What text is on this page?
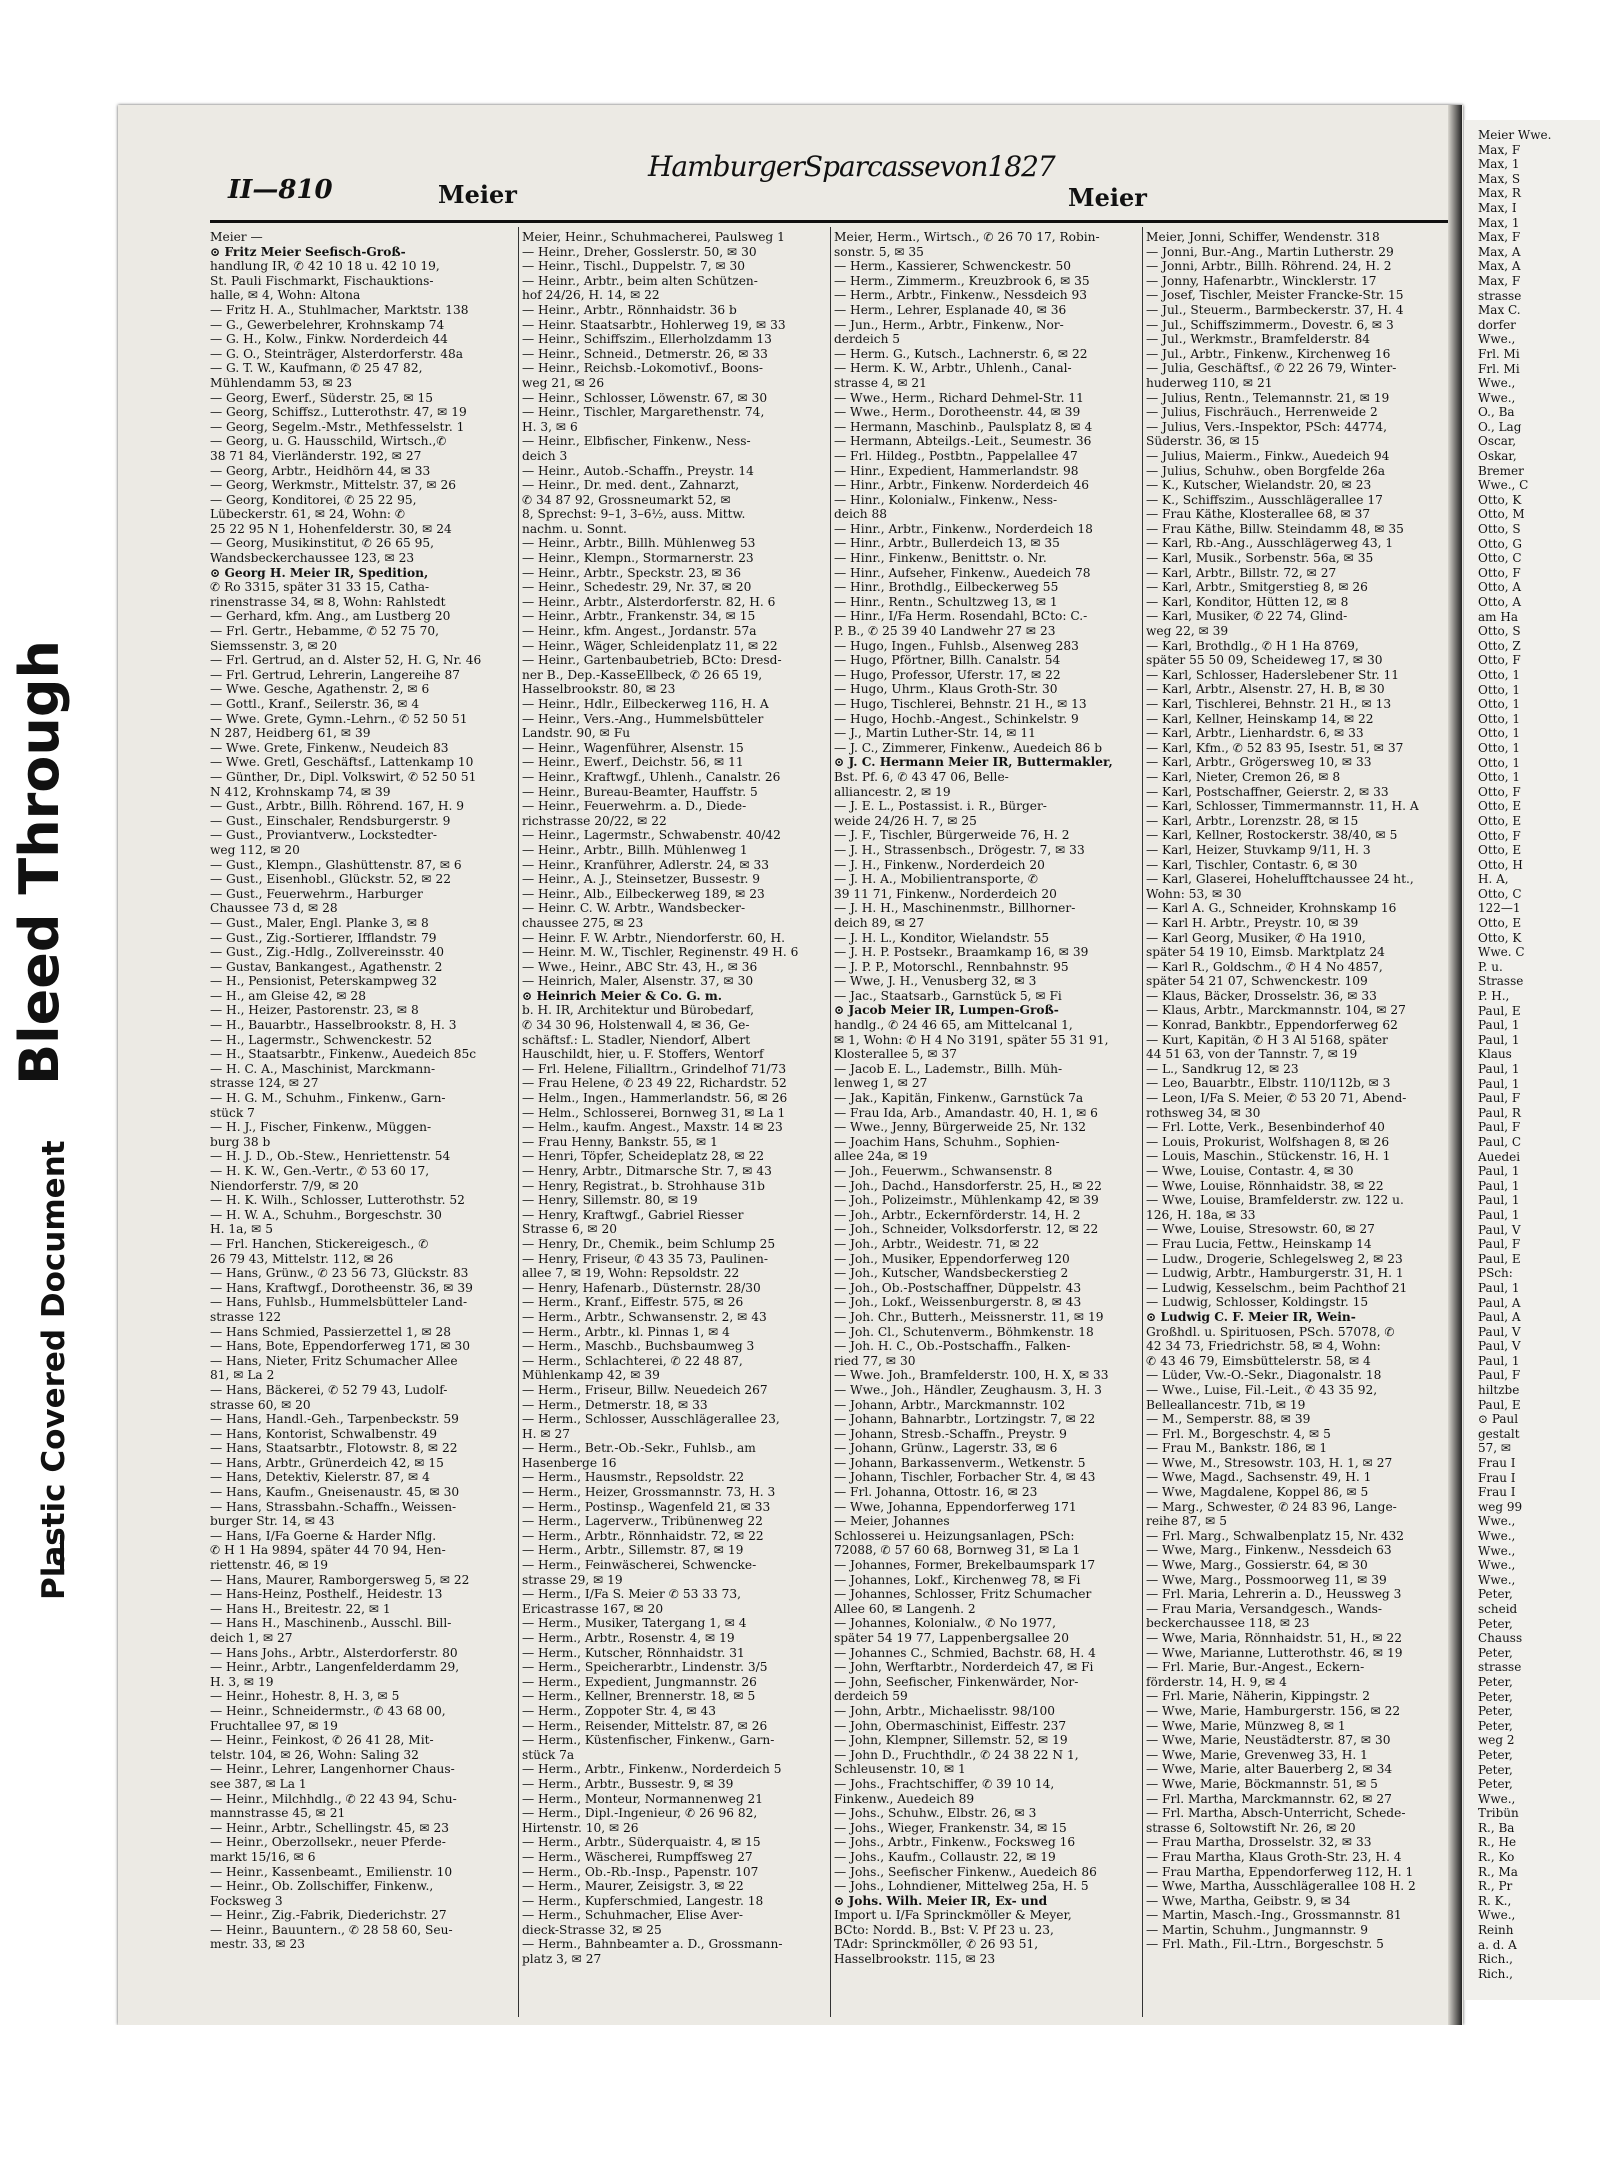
Bleed Through
Plastic Covered Document
II—810	Meier
HamburgerSparcassevon1827
Meier
Meier —
⊙ Fritz Meier Seefisch-Groß-
handlung IR, ✆ 42 10 18 u. 42 10 19,
St. Pauli Fischmarkt, Fischauktions-
halle, ✉ 4, Wohn: Altona
— Fritz H. A., Stuhlmacher, Marktstr. 138
— G., Gewerbelehrer, Krohnskamp 74
— G. H., Kolw., Finkw. Norderdeich 44
— G. O., Steinträger, Alsterdorferstr. 48a
— G. T. W., Kaufmann, ✆ 25 47 82,
Mühlendamm 53, ✉ 23
— Georg, Ewerf., Süderstr. 25, ✉ 15
— Georg, Schiffsz., Lutterothstr. 47, ✉ 19
— Georg, Segelm.-Mstr., Methfesselstr. 1
— Georg, u. G. Hausschild, Wirtsch.,✆
38 71 84, Vierländerstr. 192, ✉ 27
— Georg, Arbtr., Heidhörn 44, ✉ 33
— Georg, Werkmstr., Mittelstr. 37, ✉ 26
— Georg, Konditorei, ✆ 25 22 95,
Lübeckerstr. 61, ✉ 24, Wohn: ✆
25 22 95 N 1, Hohenfelderstr. 30, ✉ 24
— Georg, Musikinstitut, ✆ 26 65 95,
Wandsbeckerchaussee 123, ✉ 23
⊙ Georg H. Meier IR, Spedition,
✆ Ro 3315, später 31 33 15, Catha-
rinenstrasse 34, ✉ 8, Wohn: Rahlstedt
— Gerhard, kfm. Ang., am Lustberg 20
— Frl. Gertr., Hebamme, ✆ 52 75 70,
Siemssenstr. 3, ✉ 20
— Frl. Gertrud, an d. Alster 52, H. G, Nr. 46
— Frl. Gertrud, Lehrerin, Langereihe 87
— Wwe. Gesche, Agathenstr. 2, ✉ 6
— Gottl., Kranf., Seilerstr. 36, ✉ 4
— Wwe. Grete, Gymn.-Lehrn., ✆ 52 50 51
N 287, Heidberg 61, ✉ 39
— Wwe. Grete, Finkenw., Neudeich 83
— Wwe. Gretl, Geschäftsf., Lattenkamp 10
— Günther, Dr., Dipl. Volkswirt, ✆ 52 50 51
N 412, Krohnskamp 74, ✉ 39
— Gust., Arbtr., Billh. Röhrend. 167, H. 9
— Gust., Einschaler, Rendsburgerstr. 9
— Gust., Proviantverw., Lockstedter-
weg 112, ✉ 20
— Gust., Klempn., Glashüttenstr. 87, ✉ 6
— Gust., Eisenhobl., Glückstr. 52, ✉ 22
— Gust., Feuerwehrm., Harburger
Chaussee 73 d, ✉ 28
— Gust., Maler, Engl. Planke 3, ✉ 8
— Gust., Zig.-Sortierer, Ifflandstr. 79
— Gust., Zig.-Hdlg., Zollvereinsstr. 40
— Gustav, Bankangest., Agathenstr. 2
— H., Pensionist, Peterskampweg 32
— H., am Gleise 42, ✉ 28
— H., Heizer, Pastorenstr. 23, ✉ 8
— H., Bauarbtr., Hasselbrookstr. 8, H. 3
— H., Lagermstr., Schwenckestr. 52
— H., Staatsarbtr., Finkenw., Auedeich 85c
— H. C. A., Maschinist, Marckmann-
strasse 124, ✉ 27
— H. G. M., Schuhm., Finkenw., Garn-
stück 7
— H. J., Fischer, Finkenw., Müggen-
burg 38 b
— H. J. D., Ob.-Stew., Henriettenstr. 54
— H. K. W., Gen.-Vertr., ✆ 53 60 17,
Niendorferstr. 7/9, ✉ 20
— H. K. Wilh., Schlosser, Lutterothstr. 52
— H. W. A., Schuhm., Borgeschstr. 30
H. 1a, ✉ 5
— Frl. Hanchen, Stickereigesch., ✆
26 79 43, Mittelstr. 112, ✉ 26
— Hans, Grünw., ✆ 23 56 73, Glückstr. 83
— Hans, Kraftwgf., Dorotheenstr. 36, ✉ 39
— Hans, Fuhlsb., Hummelsbütteler Land-
strasse 122
— Hans Schmied, Passierzettel 1, ✉ 28
— Hans, Bote, Eppendorferweg 171, ✉ 30
— Hans, Nieter, Fritz Schumacher Allee
81, ✉ La 2
— Hans, Bäckerei, ✆ 52 79 43, Ludolf-
strasse 60, ✉ 20
— Hans, Handl.-Geh., Tarpenbeckstr. 59
— Hans, Kontorist, Schwalbenstr. 49
— Hans, Staatsarbtr., Flotowstr. 8, ✉ 22
— Hans, Arbtr., Grünerdeich 42, ✉ 15
— Hans, Detektiv, Kielerstr. 87, ✉ 4
— Hans, Kaufm., Gneisenaustr. 45, ✉ 30
— Hans, Strassbahn.-Schaffn., Weissen-
burger Str. 14, ✉ 43
— Hans, I/Fa Goerne & Harder Nflg.
✆ H 1 Ha 9894, später 44 70 94, Hen-
riettenstr. 46, ✉ 19
— Hans, Maurer, Ramborgersweg 5, ✉ 22
— Hans-Heinz, Posthelf., Heidestr. 13
— Hans H., Breitestr. 22, ✉ 1
— Hans H., Maschinenb., Ausschl. Bill-
deich 1, ✉ 27
— Hans Johs., Arbtr., Alsterdorferstr. 80
— Heinr., Arbtr., Langenfelderdamm 29,
H. 3, ✉ 19
— Heinr., Hohestr. 8, H. 3, ✉ 5
— Heinr., Schneidermstr., ✆ 43 68 00,
Fruchtallee 97, ✉ 19
— Heinr., Feinkost, ✆ 26 41 28, Mit-
telstr. 104, ✉ 26, Wohn: Saling 32
— Heinr., Lehrer, Langenhorner Chaus-
see 387, ✉ La 1
— Heinr., Milchhdlg., ✆ 22 43 94, Schu-
mannstrasse 45, ✉ 21
— Heinr., Arbtr., Schellingstr. 45, ✉ 23
— Heinr., Oberzollsekr., neuer Pferde-
markt 15/16, ✉ 6
— Heinr., Kassenbeamt., Emilienstr. 10
— Heinr., Ob. Zollschiffer, Finkenw.,
Focksweg 3
— Heinr., Zig.-Fabrik, Diederichstr. 27
— Heinr., Bauuntern., ✆ 28 58 60, Seu-
mestr. 33, ✉ 23
Meier, Heinr., Schuhmacherei, Paulsweg 1
— Heinr., Dreher, Gosslerstr. 50, ✉ 30
— Heinr., Tischl., Duppelstr. 7, ✉ 30
— Heinr., Arbtr., beim alten Schützen-
hof 24/26, H. 14, ✉ 22
— Heinr., Arbtr., Rönnhaidstr. 36 b
— Heinr. Staatsarbtr., Hohlerweg 19, ✉ 33
— Heinr., Schiffszim., Ellerholzdamm 13
— Heinr., Schneid., Detmerstr. 26, ✉ 33
— Heinr., Reichsb.-Lokomotivf., Boons-
weg 21, ✉ 26
— Heinr., Schlosser, Löwenstr. 67, ✉ 30
— Heinr., Tischler, Margarethenstr. 74,
H. 3, ✉ 6
— Heinr., Elbfischer, Finkenw., Ness-
deich 3
— Heinr., Autob.-Schaffn., Preystr. 14
— Heinr., Dr. med. dent., Zahnarzt,
✆ 34 87 92, Grossneumarkt 52, ✉
8, Sprechst: 9–1, 3–6½, auss. Mittw.
nachm. u. Sonnt.
— Heinr., Arbtr., Billh. Mühlenweg 53
— Heinr., Klempn., Stormarnerstr. 23
— Heinr., Arbtr., Speckstr. 23, ✉ 36
— Heinr., Schedestr. 29, Nr. 37, ✉ 20
— Heinr., Arbtr., Alsterdorferstr. 82, H. 6
— Heinr., Arbtr., Frankenstr. 34, ✉ 15
— Heinr., kfm. Angest., Jordanstr. 57a
— Heinr., Wäger, Schleidenplatz 11, ✉ 22
— Heinr., Gartenbaubetrieb, BCto: Dresd-
ner B., Dep.-KasseEllbeck, ✆ 26 65 19,
Hasselbrookstr. 80, ✉ 23
— Heinr., Hdlr., Eilbeckerweg 116, H. A
— Heinr., Vers.-Ang., Hummelsbütteler
Landstr. 90, ✉ Fu
— Heinr., Wagenführer, Alsenstr. 15
— Heinr., Ewerf., Deichstr. 56, ✉ 11
— Heinr., Kraftwgf., Uhlenh., Canalstr. 26
— Heinr., Bureau-Beamter, Hauffstr. 5
— Heinr., Feuerwehrm. a. D., Diede-
richstrasse 20/22, ✉ 22
— Heinr., Lagermstr., Schwabenstr. 40/42
— Heinr., Arbtr., Billh. Mühlenweg 1
— Heinr., Kranführer, Adlerstr. 24, ✉ 33
— Heinr., A. J., Steinsetzer, Bussestr. 9
— Heinr., Alb., Eilbeckerweg 189, ✉ 23
— Heinr. C. W. Arbtr., Wandsbecker-
chaussee 275, ✉ 23
— Heinr. F. W. Arbtr., Niendorferstr. 60, H.
— Heinr. M. W., Tischler, Reginenstr. 49 H. 6
— Wwe., Heinr., ABC Str. 43, H., ✉ 36
— Heinrich, Maler, Alsenstr. 37, ✉ 30
⊙ Heinrich Meier & Co. G. m.
b. H. IR, Architektur und Bürobedarf,
✆ 34 30 96, Holstenwall 4, ✉ 36, Ge-
schäftsf.: L. Stadler, Niendorf, Albert
Hauschildt, hier, u. F. Stoffers, Wentorf
— Frl. Helene, Filialltrn., Grindelhof 71/73
— Frau Helene, ✆ 23 49 22, Richardstr. 52
— Helm., Ingen., Hammerlandstr. 56, ✉ 26
— Helm., Schlosserei, Bornweg 31, ✉ La 1
— Helm., kaufm. Angest., Maxstr. 14 ✉ 23
— Frau Henny, Bankstr. 55, ✉ 1
— Henri, Töpfer, Scheideplatz 28, ✉ 22
— Henry, Arbtr., Ditmarsche Str. 7, ✉ 43
— Henry, Registrat., b. Strohhause 31b
— Henry, Sillemstr. 80, ✉ 19
— Henry, Kraftwgf., Gabriel Riesser
Strasse 6, ✉ 20
— Henry, Dr., Chemik., beim Schlump 25
— Henry, Friseur, ✆ 43 35 73, Paulinen-
allee 7, ✉ 19, Wohn: Repsoldstr. 22
— Henry, Hafenarb., Düsternstr. 28/30
— Herm., Kranf., Eiffestr. 575, ✉ 26
— Herm., Arbtr., Schwansenstr. 2, ✉ 43
— Herm., Arbtr., kl. Pinnas 1, ✉ 4
— Herm., Maschb., Buchsbaumweg 3
— Herm., Schlachterei, ✆ 22 48 87,
Mühlenkamp 42, ✉ 39
— Herm., Friseur, Billw. Neuedeich 267
— Herm., Detmerstr. 18, ✉ 33
— Herm., Schlosser, Ausschlägerallee 23,
H. ✉ 27
— Herm., Betr.-Ob.-Sekr., Fuhlsb., am
Hasenberge 16
— Herm., Hausmstr., Repsoldstr. 22
— Herm., Heizer, Grossmannstr. 73, H. 3
— Herm., Postinsp., Wagenfeld 21, ✉ 33
— Herm., Lagerverw., Tribünenweg 22
— Herm., Arbtr., Rönnhaidstr. 72, ✉ 22
— Herm., Arbtr., Sillemstr. 87, ✉ 19
— Herm., Feinwäscherei, Schwencke-
strasse 29, ✉ 19
— Herm., I/Fa S. Meier ✆ 53 33 73,
Ericastrasse 167, ✉ 20
— Herm., Musiker, Tatergang 1, ✉ 4
— Herm., Arbtr., Rosenstr. 4, ✉ 19
— Herm., Kutscher, Rönnhaidstr. 31
— Herm., Speicherarbtr., Lindenstr. 3/5
— Herm., Expedient, Jungmannstr. 26
— Herm., Kellner, Brennerstr. 18, ✉ 5
— Herm., Zoppoter Str. 4, ✉ 43
— Herm., Reisender, Mittelstr. 87, ✉ 26
— Herm., Küstenfischer, Finkenw., Garn-
stück 7a
— Herm., Arbtr., Finkenw., Norderdeich 5
— Herm., Arbtr., Bussestr. 9, ✉ 39
— Herm., Monteur, Normannenweg 21
— Herm., Dipl.-Ingenieur, ✆ 26 96 82,
Hirtenstr. 10, ✉ 26
— Herm., Arbtr., Süderquaistr. 4, ✉ 15
— Herm., Wäscherei, Rumpffsweg 27
— Herm., Ob.-Rb.-Insp., Papenstr. 107
— Herm., Maurer, Zeisigstr. 3, ✉ 22
— Herm., Kupferschmied, Langestr. 18
— Herm., Schuhmacher, Elise Aver-
dieck-Strasse 32, ✉ 25
— Herm., Bahnbeamter a. D., Grossmann-
platz 3, ✉ 27
Meier, Herm., Wirtsch., ✆ 26 70 17, Robin-
sonstr. 5, ✉ 35
— Herm., Kassierer, Schwenckestr. 50
— Herm., Zimmerm., Kreuzbrook 6, ✉ 35
— Herm., Arbtr., Finkenw., Nessdeich 93
— Herm., Lehrer, Esplanade 40, ✉ 36
— Jun., Herm., Arbtr., Finkenw., Nor-
derdeich 5
— Herm. G., Kutsch., Lachnerstr. 6, ✉ 22
— Herm. K. W., Arbtr., Uhlenh., Canal-
strasse 4, ✉ 21
— Wwe., Herm., Richard Dehmel-Str. 11
— Wwe., Herm., Dorotheenstr. 44, ✉ 39
— Hermann, Maschinb., Paulsplatz 8, ✉ 4
— Hermann, Abteilgs.-Leit., Seumestr. 36
— Frl. Hildeg., Postbtn., Pappelallee 47
— Hinr., Expedient, Hammerlandstr. 98
— Hinr., Arbtr., Finkenw. Norderdeich 46
— Hinr., Kolonialw., Finkenw., Ness-
deich 88
— Hinr., Arbtr., Finkenw., Norderdeich 18
— Hinr., Arbtr., Bullerdeich 13, ✉ 35
— Hinr., Finkenw., Benittstr. o. Nr.
— Hinr., Aufseher, Finkenw., Auedeich 78
— Hinr., Brothdlg., Eilbeckerweg 55
— Hinr., Rentn., Schultzweg 13, ✉ 1
— Hinr., I/Fa Herm. Rosendahl, BCto: C.-
P. B., ✆ 25 39 40 Landwehr 27 ✉ 23
— Hugo, Ingen., Fuhlsb., Alsenweg 283
— Hugo, Pförtner, Billh. Canalstr. 54
— Hugo, Professor, Uferstr. 17, ✉ 22
— Hugo, Uhrm., Klaus Groth-Str. 30
— Hugo, Tischlerei, Behnstr. 21 H., ✉ 13
— Hugo, Hochb.-Angest., Schinkelstr. 9
— J., Martin Luther-Str. 14, ✉ 11
— J. C., Zimmerer, Finkenw., Auedeich 86 b
⊙ J. C. Hermann Meier IR, Buttermakler,
Bst. Pf. 6, ✆ 43 47 06, Belle-
alliancestr. 2, ✉ 19
— J. E. L., Postassist. i. R., Bürger-
weide 24/26 H. 7, ✉ 25
— J. F., Tischler, Bürgerweide 76, H. 2
— J. H., Strassenbsch., Drögestr. 7, ✉ 33
— J. H., Finkenw., Norderdeich 20
— J. H. A., Mobilientransporte, ✆
39 11 71, Finkenw., Norderdeich 20
— J. H. H., Maschinenmstr., Billhorner-
deich 89, ✉ 27
— J. H. L., Konditor, Wielandstr. 55
— J. H. P. Postsekr., Braamkamp 16, ✉ 39
— J. P. P., Motorschl., Rennbahnstr. 95
— Wwe, J. H., Venusberg 32, ✉ 3
— Jac., Staatsarb., Garnstück 5, ✉ Fi
⊙ Jacob Meier IR, Lumpen-Groß-
handlg., ✆ 24 46 65, am Mittelcanal 1,
✉ 1, Wohn: ✆ H 4 No 3191, später 55 31 91,
Klosterallee 5, ✉ 37
— Jacob E. L., Lademstr., Billh. Müh-
lenweg 1, ✉ 27
— Jak., Kapitän, Finkenw., Garnstück 7a
— Frau Ida, Arb., Amandastr. 40, H. 1, ✉ 6
— Wwe., Jenny, Bürgerweide 25, Nr. 132
— Joachim Hans, Schuhm., Sophien-
allee 24a, ✉ 19
— Joh., Feuerwm., Schwansenstr. 8
— Joh., Dachd., Hansdorferstr. 25, H., ✉ 22
— Joh., Polizeimstr., Mühlenkamp 42, ✉ 39
— Joh., Arbtr., Eckernförderstr. 14, H. 2
— Joh., Schneider, Volksdorferstr. 12, ✉ 22
— Joh., Arbtr., Weidestr. 71, ✉ 22
— Joh., Musiker, Eppendorferweg 120
— Joh., Kutscher, Wandsbeckerstieg 2
— Joh., Ob.-Postschaffner, Düppelstr. 43
— Joh., Lokf., Weissenburgerstr. 8, ✉ 43
— Joh. Chr., Butterh., Meissnerstr. 11, ✉ 19
— Joh. Cl., Schutenverm., Böhmkenstr. 18
— Joh. H. C., Ob.-Postschaffn., Falken-
ried 77, ✉ 30
— Wwe. Joh., Bramfelderstr. 100, H. X, ✉ 33
— Wwe., Joh., Händler, Zeughausm. 3, H. 3
— Johann, Arbtr., Marckmannstr. 102
— Johann, Bahnarbtr., Lortzingstr. 7, ✉ 22
— Johann, Stresb.-Schaffn., Preystr. 9
— Johann, Grünw., Lagerstr. 33, ✉ 6
— Johann, Barkassenverm., Wetkenstr. 5
— Johann, Tischler, Forbacher Str. 4, ✉ 43
— Frl. Johanna, Ottostr. 16, ✉ 23
— Wwe, Johanna, Eppendorferweg 171
— Meier, Johannes
Schlosserei u. Heizungsanlagen, PSch:
72088, ✆ 57 60 68, Bornweg 31, ✉ La 1
— Johannes, Former, Brekelbaumspark 17
— Johannes, Lokf., Kirchenweg 78, ✉ Fi
— Johannes, Schlosser, Fritz Schumacher
Allee 60, ✉ Langenh. 2
— Johannes, Kolonialw., ✆ No 1977,
später 54 19 77, Lappenbergsallee 20
— Johannes C., Schmied, Bachstr. 68, H. 4
— John, Werftarbtr., Norderdeich 47, ✉ Fi
— John, Seefischer, Finkenwärder, Nor-
derdeich 59
— John, Arbtr., Michaelisstr. 98/100
— John, Obermaschinist, Eiffestr. 237
— John, Klempner, Sillemstr. 52, ✉ 19
— John D., Fruchthdlr., ✆ 24 38 22 N 1,
Schleusenstr. 10, ✉ 1
— Johs., Frachtschiffer, ✆ 39 10 14,
Finkenw., Auedeich 89
— Johs., Schuhw., Elbstr. 26, ✉ 3
— Johs., Wieger, Frankenstr. 34, ✉ 15
— Johs., Arbtr., Finkenw., Focksweg 16
— Johs., Kaufm., Collaustr. 22, ✉ 19
— Johs., Seefischer Finkenw., Auedeich 86
— Johs., Lohndiener, Mittelweg 25a, H. 5
⊙ Johs. Wilh. Meier IR, Ex- und
Import u. I/Fa Sprinckmöller & Meyer,
BCto: Nordd. B., Bst: V. Pf 23 u. 23,
TAdr: Sprinckmöller, ✆ 26 93 51,
Hasselbrookstr. 115, ✉ 23
Meier, Jonni, Schiffer, Wendenstr. 318
— Jonni, Bur.-Ang., Martin Lutherstr. 29
— Jonni, Arbtr., Billh. Röhrend. 24, H. 2
— Jonny, Hafenarbtr., Wincklerstr. 17
— Josef, Tischler, Meister Francke-Str. 15
— Jul., Steuerm., Barmbeckerstr. 37, H. 4
— Jul., Schiffszimmerm., Dovestr. 6, ✉ 3
— Jul., Werkmstr., Bramfelderstr. 84
— Jul., Arbtr., Finkenw., Kirchenweg 16
— Julia, Geschäftsf., ✆ 22 26 79, Winter-
huderweg 110, ✉ 21
— Julius, Rentn., Telemannstr. 21, ✉ 19
— Julius, Fischräuch., Herrenweide 2
— Julius, Vers.-Inspektor, PSch: 44774,
Süderstr. 36, ✉ 15
— Julius, Maierm., Finkw., Auedeich 94
— Julius, Schuhw., oben Borgfelde 26a
— K., Kutscher, Wielandstr. 20, ✉ 23
— K., Schiffszim., Ausschlägerallee 17
— Frau Käthe, Klosterallee 68, ✉ 37
— Frau Käthe, Billw. Steindamm 48, ✉ 35
— Karl, Rb.-Ang., Ausschlägerweg 43, 1
— Karl, Musik., Sorbenstr. 56a, ✉ 35
— Karl, Arbtr., Billstr. 72, ✉ 27
— Karl, Arbtr., Smitgerstieg 8, ✉ 26
— Karl, Konditor, Hütten 12, ✉ 8
— Karl, Musiker, ✆ 22 74, Glind-
weg 22, ✉ 39
— Karl, Brothdlg., ✆ H 1 Ha 8769,
später 55 50 09, Scheideweg 17, ✉ 30
— Karl, Schlosser, Haderslebener Str. 11
— Karl, Arbtr., Alsenstr. 27, H. B, ✉ 30
— Karl, Tischlerei, Behnstr. 21 H., ✉ 13
— Karl, Kellner, Heinskamp 14, ✉ 22
— Karl, Arbtr., Lienhardstr. 6, ✉ 33
— Karl, Kfm., ✆ 52 83 95, Isestr. 51, ✉ 37
— Karl, Arbtr., Grögersweg 10, ✉ 33
— Karl, Nieter, Cremon 26, ✉ 8
— Karl, Postschaffner, Geierstr. 2, ✉ 33
— Karl, Schlosser, Timmermannstr. 11, H. A
— Karl, Arbtr., Lorenzstr. 28, ✉ 15
— Karl, Kellner, Rostockerstr. 38/40, ✉ 5
— Karl, Heizer, Stuvkamp 9/11, H. 3
— Karl, Tischler, Contastr. 6, ✉ 30
— Karl, Glaserei, Hohelufftchaussee 24 ht.,
Wohn: 53, ✉ 30
— Karl A. G., Schneider, Krohnskamp 16
— Karl H. Arbtr., Preystr. 10, ✉ 39
— Karl Georg, Musiker, ✆ Ha 1910,
später 54 19 10, Eimsb. Marktplatz 24
— Karl R., Goldschm., ✆ H 4 No 4857,
später 54 21 07, Schwenckestr. 109
— Klaus, Bäcker, Drosselstr. 36, ✉ 33
— Klaus, Arbtr., Marckmannstr. 104, ✉ 27
— Konrad, Bankbtr., Eppendorferweg 62
— Kurt, Kapitän, ✆ H 3 Al 5168, später
44 51 63, von der Tannstr. 7, ✉ 19
— L., Sandkrug 12, ✉ 23
— Leo, Bauarbtr., Elbstr. 110/112b, ✉ 3
— Leon, I/Fa S. Meier, ✆ 53 20 71, Abend-
rothsweg 34, ✉ 30
— Frl. Lotte, Verk., Besenbinderhof 40
— Louis, Prokurist, Wolfshagen 8, ✉ 26
— Louis, Maschin., Stückenstr. 16, H. 1
— Wwe, Louise, Contastr. 4, ✉ 30
— Wwe, Louise, Rönnhaidstr. 38, ✉ 22
— Wwe, Louise, Bramfelderstr. zw. 122 u.
126, H. 18a, ✉ 33
— Wwe, Louise, Stresowstr. 60, ✉ 27
— Frau Lucia, Fettw., Heinskamp 14
— Ludw., Drogerie, Schlegelsweg 2, ✉ 23
— Ludwig, Arbtr., Hamburgerstr. 31, H. 1
— Ludwig, Kesselschm., beim Pachthof 21
— Ludwig, Schlosser, Koldingstr. 15
⊙ Ludwig C. F. Meier IR, Wein-
Großhdl. u. Spirituosen, PSch. 57078, ✆
42 34 73, Friedrichstr. 58, ✉ 4, Wohn:
✆ 43 46 79, Eimsbüttelerstr. 58, ✉ 4
— Lüder, Vw.-O.-Sekr., Diagonalstr. 18
— Wwe., Luise, Fil.-Leit., ✆ 43 35 92,
Belleallancestr. 71b, ✉ 19
— M., Semperstr. 88, ✉ 39
— Frl. M., Borgeschstr. 4, ✉ 5
— Frau M., Bankstr. 186, ✉ 1
— Wwe, M., Stresowstr. 103, H. 1, ✉ 27
— Wwe, Magd., Sachsenstr. 49, H. 1
— Wwe, Magdalene, Koppel 86, ✉ 5
— Marg., Schwester, ✆ 24 83 96, Lange-
reihe 87, ✉ 5
— Frl. Marg., Schwalbenplatz 15, Nr. 432
— Wwe, Marg., Finkenw., Nessdeich 63
— Wwe, Marg., Gossierstr. 64, ✉ 30
— Wwe, Marg., Possmoorweg 11, ✉ 39
— Frl. Maria, Lehrerin a. D., Heussweg 3
— Frau Maria, Versandgesch., Wands-
beckerchaussee 118, ✉ 23
— Wwe, Maria, Rönnhaidstr. 51, H., ✉ 22
— Wwe, Marianne, Lutterothstr. 46, ✉ 19
— Frl. Marie, Bur.-Angest., Eckern-
förderstr. 14, H. 9, ✉ 4
— Frl. Marie, Näherin, Kippingstr. 2
— Wwe, Marie, Hamburgerstr. 156, ✉ 22
— Wwe, Marie, Münzweg 8, ✉ 1
— Wwe, Marie, Neustädterstr. 87, ✉ 30
— Wwe, Marie, Grevenweg 33, H. 1
— Wwe, Marie, alter Bauerberg 2, ✉ 34
— Wwe, Marie, Böckmannstr. 51, ✉ 5
— Frl. Martha, Marckmannstr. 62, ✉ 27
— Frl. Martha, Absch-Unterricht, Schede-
strasse 6, Soltowstift Nr. 26, ✉ 20
— Frau Martha, Drosselstr. 32, ✉ 33
— Frau Martha, Klaus Groth-Str. 23, H. 4
— Frau Martha, Eppendorferweg 112, H. 1
— Wwe, Martha, Ausschlägerallee 108 H. 2
— Wwe, Martha, Geibstr. 9, ✉ 34
— Martin, Masch.-Ing., Grossmannstr. 81
— Martin, Schuhm., Jungmannstr. 9
— Frl. Math., Fil.-Ltrn., Borgeschstr. 5
Meier Wwe.
Max, F
Max, 1
Max, S
Max, R
Max, I
Max, 1
Max, F
Max, A
Max, A
Max, F
strasse
Max C.
dorfer
Wwe.,
Frl. Mi
Frl. Mi
Wwe.,
Wwe.,
O., Ba
O., Lag
Oscar,
Oskar,
Bremer
Wwe., C
Otto, K
Otto, M
Otto, S
Otto, G
Otto, C
Otto, F
Otto, A
Otto, A
am Ha
Otto, S
Otto, Z
Otto, F
Otto, 1
Otto, 1
Otto, 1
Otto, 1
Otto, 1
Otto, 1
Otto, 1
Otto, 1
Otto, F
Otto, E
Otto, E
Otto, F
Otto, E
Otto, H
H. A,
Otto, C
122—1
Otto, E
Otto, K
Wwe. C
P. u.
Strasse
P. H.,
Paul, E
Paul, 1
Paul, 1
Klaus
Paul, 1
Paul, 1
Paul, F
Paul, R
Paul, F
Paul, C
Auedei
Paul, 1
Paul, 1
Paul, 1
Paul, 1
Paul, V
Paul, F
Paul, E
PSch:
Paul, 1
Paul, A
Paul, A
Paul, V
Paul, V
Paul, 1
Paul, F
hiltzbe
Paul, E
⊙ Paul
gestalt
57, ✉
Frau I
Frau I
Frau I
weg 99
Wwe.,
Wwe.,
Wwe.,
Wwe.,
Wwe.,
Peter,
scheid
Peter,
Chauss
Peter,
strasse
Peter,
Peter,
Peter,
Peter,
weg 2
Peter,
Peter,
Peter,
Wwe.,
Tribün
R., Ba
R., He
R., Ko
R., Ma
R., Pr
R. K.,
Wwe.,
Reinh
a. d. A
Rich.,
Rich.,
